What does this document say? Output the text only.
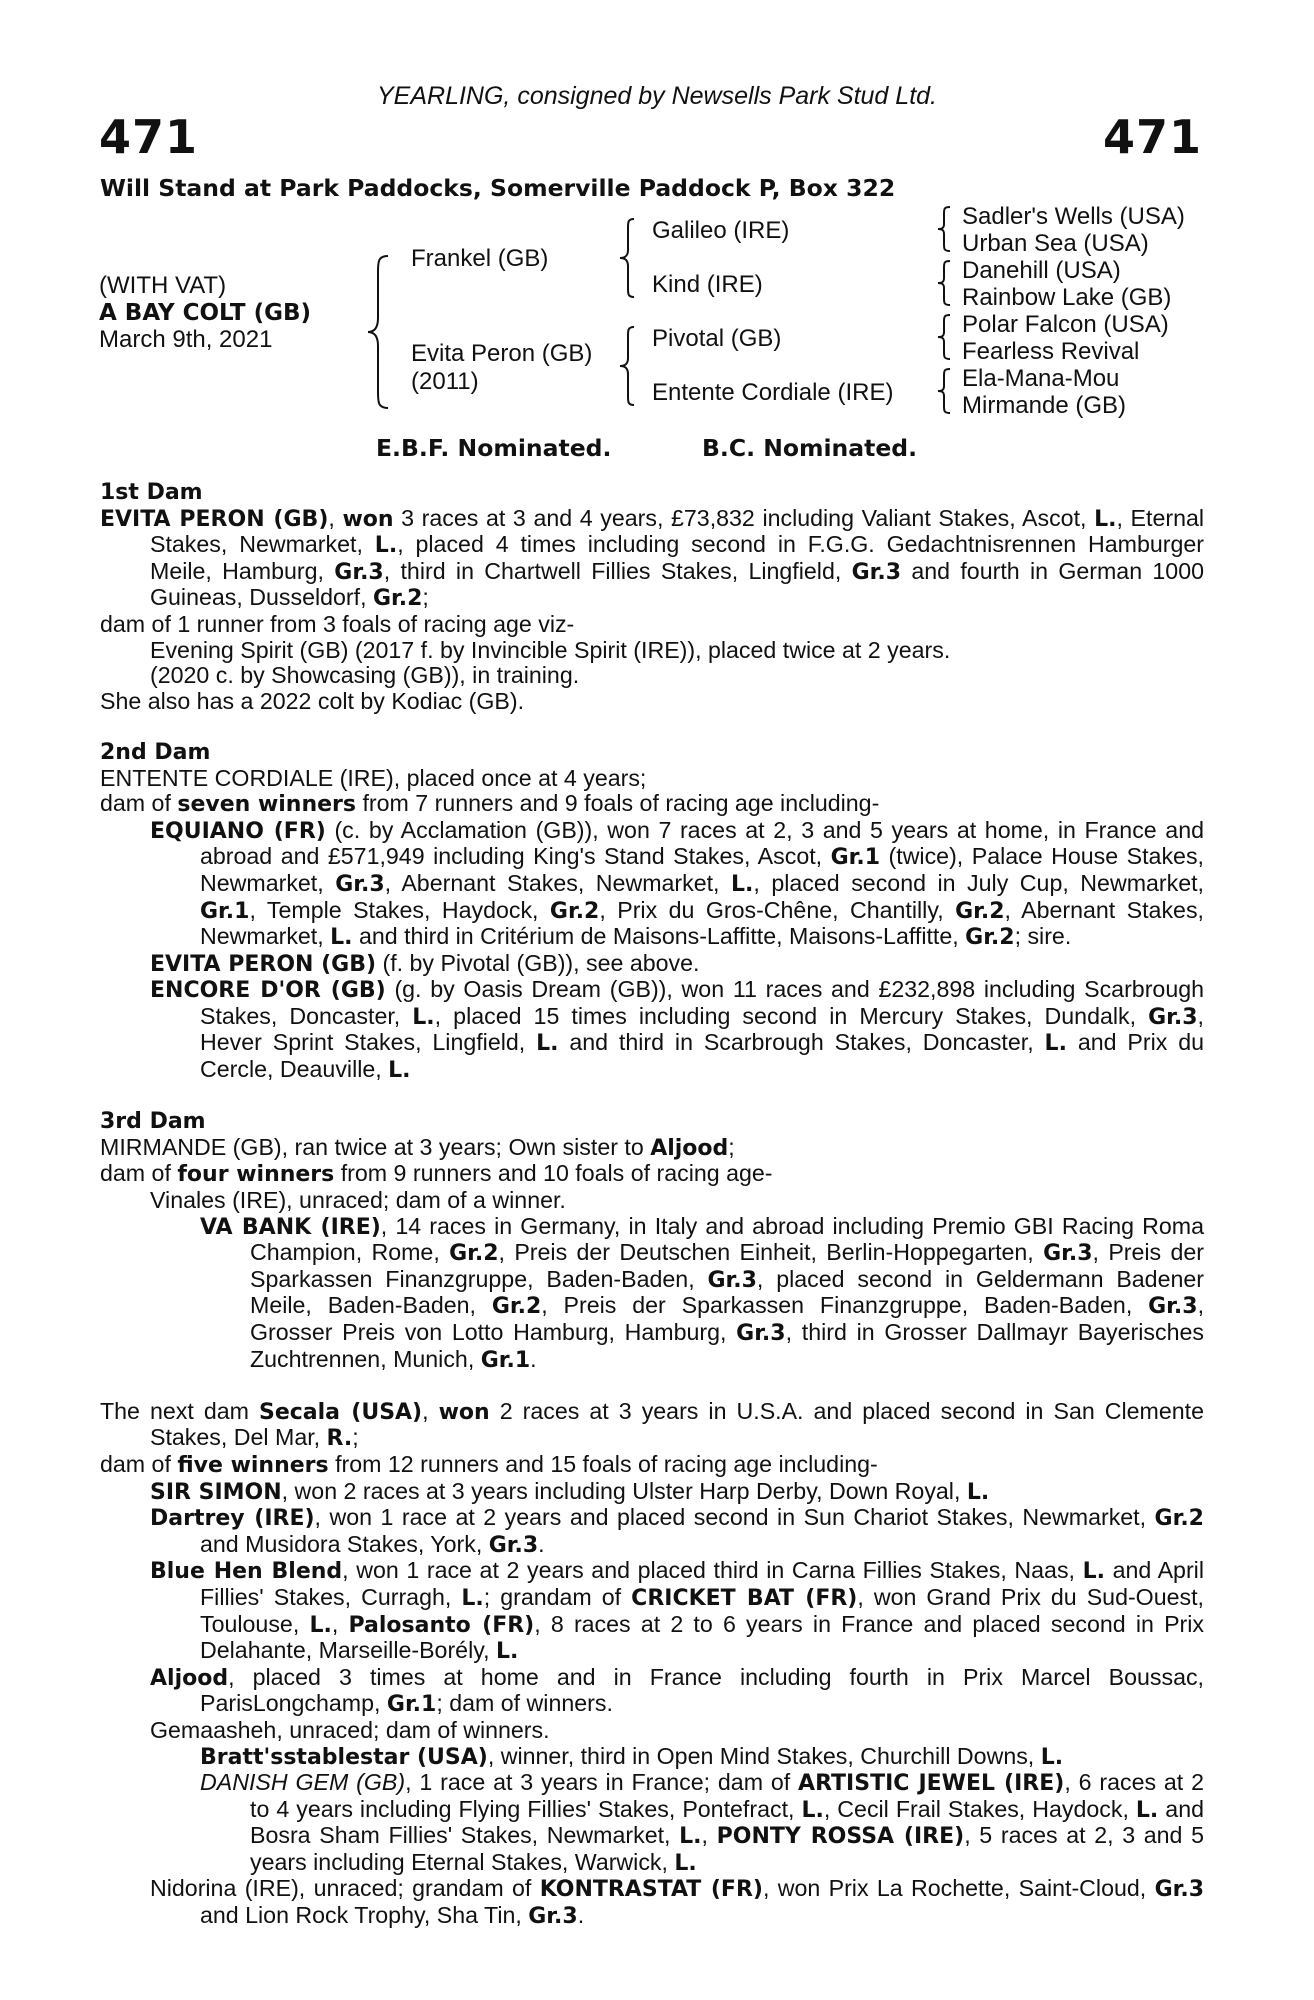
YEARLING, consigned by Newsells Park Stud Ltd.
471	471
Will Stand at Park Paddocks, Somerville Paddock P, Box 322
(WITH VAT)
A BAY COLT (GB)
March 9th, 2021
Frankel (GB)
Evita Peron (GB)
(2011)
Galileo (IRE)
Kind (IRE)
Pivotal (GB)
Entente Cordiale (IRE)
Sadler's Wells (USA)
Urban Sea (USA)
Danehill (USA)
Rainbow Lake (GB)
Polar Falcon (USA)
Fearless Revival
Ela-Mana-Mou
Mirmande (GB)
E.B.F. Nominated.	B.C. Nominated.
1st Dam
EVITA PERON (GB), won 3 races at 3 and 4 years, £73,832 including Valiant Stakes, Ascot, L., Eternal Stakes, Newmarket, L., placed 4 times including second in F.G.G. Gedachtnisrennen Hamburger Meile, Hamburg, Gr.3, third in Chartwell Fillies Stakes, Lingfield, Gr.3 and fourth in German 1000 Guineas, Dusseldorf, Gr.2;
dam of 1 runner from 3 foals of racing age viz-
Evening Spirit (GB) (2017 f. by Invincible Spirit (IRE)), placed twice at 2 years.
(2020 c. by Showcasing (GB)), in training.
She also has a 2022 colt by Kodiac (GB).
2nd Dam
ENTENTE CORDIALE (IRE), placed once at 4 years;
dam of seven winners from 7 runners and 9 foals of racing age including-
EQUIANO (FR) (c. by Acclamation (GB)), won 7 races at 2, 3 and 5 years at home, in France and abroad and £571,949 including King's Stand Stakes, Ascot, Gr.1 (twice), Palace House Stakes, Newmarket, Gr.3, Abernant Stakes, Newmarket, L., placed second in July Cup, Newmarket, Gr.1, Temple Stakes, Haydock, Gr.2, Prix du Gros-Chêne, Chantilly, Gr.2, Abernant Stakes, Newmarket, L. and third in Critérium de Maisons-Laffitte, Maisons-Laffitte, Gr.2; sire.
EVITA PERON (GB) (f. by Pivotal (GB)), see above.
ENCORE D'OR (GB) (g. by Oasis Dream (GB)), won 11 races and £232,898 including Scarbrough Stakes, Doncaster, L., placed 15 times including second in Mercury Stakes, Dundalk, Gr.3, Hever Sprint Stakes, Lingfield, L. and third in Scarbrough Stakes, Doncaster, L. and Prix du Cercle, Deauville, L.
3rd Dam
MIRMANDE (GB), ran twice at 3 years; Own sister to Aljood;
dam of four winners from 9 runners and 10 foals of racing age-
Vinales (IRE), unraced; dam of a winner.
VA BANK (IRE), 14 races in Germany, in Italy and abroad including Premio GBI Racing Roma Champion, Rome, Gr.2, Preis der Deutschen Einheit, Berlin-Hoppegarten, Gr.3, Preis der Sparkassen Finanzgruppe, Baden-Baden, Gr.3, placed second in Geldermann Badener Meile, Baden-Baden, Gr.2, Preis der Sparkassen Finanzgruppe, Baden-Baden, Gr.3, Grosser Preis von Lotto Hamburg, Hamburg, Gr.3, third in Grosser Dallmayr Bayerisches Zuchtrennen, Munich, Gr.1.
The next dam Secala (USA), won 2 races at 3 years in U.S.A. and placed second in San Clemente Stakes, Del Mar, R.;
dam of five winners from 12 runners and 15 foals of racing age including-
SIR SIMON, won 2 races at 3 years including Ulster Harp Derby, Down Royal, L.
Dartrey (IRE), won 1 race at 2 years and placed second in Sun Chariot Stakes, Newmarket, Gr.2 and Musidora Stakes, York, Gr.3.
Blue Hen Blend, won 1 race at 2 years and placed third in Carna Fillies Stakes, Naas, L. and April Fillies' Stakes, Curragh, L.; grandam of CRICKET BAT (FR), won Grand Prix du Sud-Ouest, Toulouse, L., Palosanto (FR), 8 races at 2 to 6 years in France and placed second in Prix Delahante, Marseille-Borély, L.
Aljood, placed 3 times at home and in France including fourth in Prix Marcel Boussac, ParisLongchamp, Gr.1; dam of winners.
Gemaasheh, unraced; dam of winners.
Bratt'sstablestar (USA), winner, third in Open Mind Stakes, Churchill Downs, L.
DANISH GEM (GB), 1 race at 3 years in France; dam of ARTISTIC JEWEL (IRE), 6 races at 2 to 4 years including Flying Fillies' Stakes, Pontefract, L., Cecil Frail Stakes, Haydock, L. and Bosra Sham Fillies' Stakes, Newmarket, L., PONTY ROSSA (IRE), 5 races at 2, 3 and 5 years including Eternal Stakes, Warwick, L.
Nidorina (IRE), unraced; grandam of KONTRASTAT (FR), won Prix La Rochette, Saint-Cloud, Gr.3 and Lion Rock Trophy, Sha Tin, Gr.3.
